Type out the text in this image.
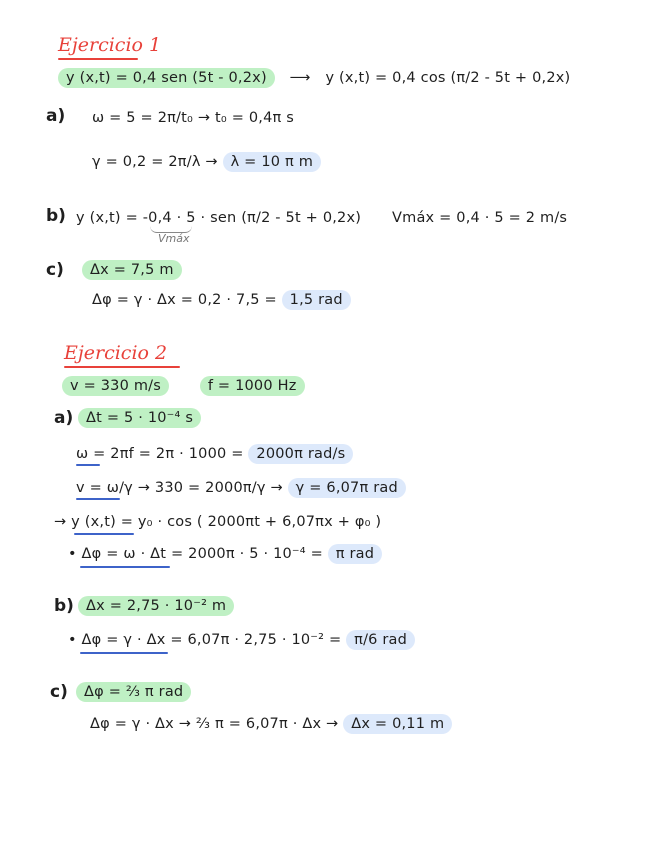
Ejercicio 1
y (x,t) = 0,4 sen (5t - 0,2x) ⟶ y (x,t) = 0,4 cos (π/2 - 5t + 0,2x)
a) ω = 5 = 2π/t₀ → t₀ = 0,4π s
γ = 0,2 = 2π/λ → λ = 10 π m
b) y (x,t) = -0,4 · 5 · sen (π/2 - 5t + 0,2x)
Vmáx
Vmáx = 0,4 · 5 = 2 m/s
c)	Δx = 7,5 m
Δφ = γ · Δx = 0,2 · 7,5 = 1,5 rad
Ejercicio 2
v = 330 m/s	f = 1000 Hz
a) Δt = 5 · 10⁻⁴ s
ω = 2πf = 2π · 1000 = 2000π rad/s
v = ω/γ → 330 = 2000π/γ → γ = 6,07π rad
→ y (x,t) = y₀ · cos ( 2000πt + 6,07πx + φ₀ )
• Δφ = ω · Δt = 2000π · 5 · 10⁻⁴ = π rad
b) Δx = 2,75 · 10⁻² m
• Δφ = γ · Δx = 6,07π · 2,75 · 10⁻² = π/6 rad
c)	Δφ = ⅔ π rad
Δφ = γ · Δx → ⅔ π = 6,07π · Δx → Δx = 0,11 m
